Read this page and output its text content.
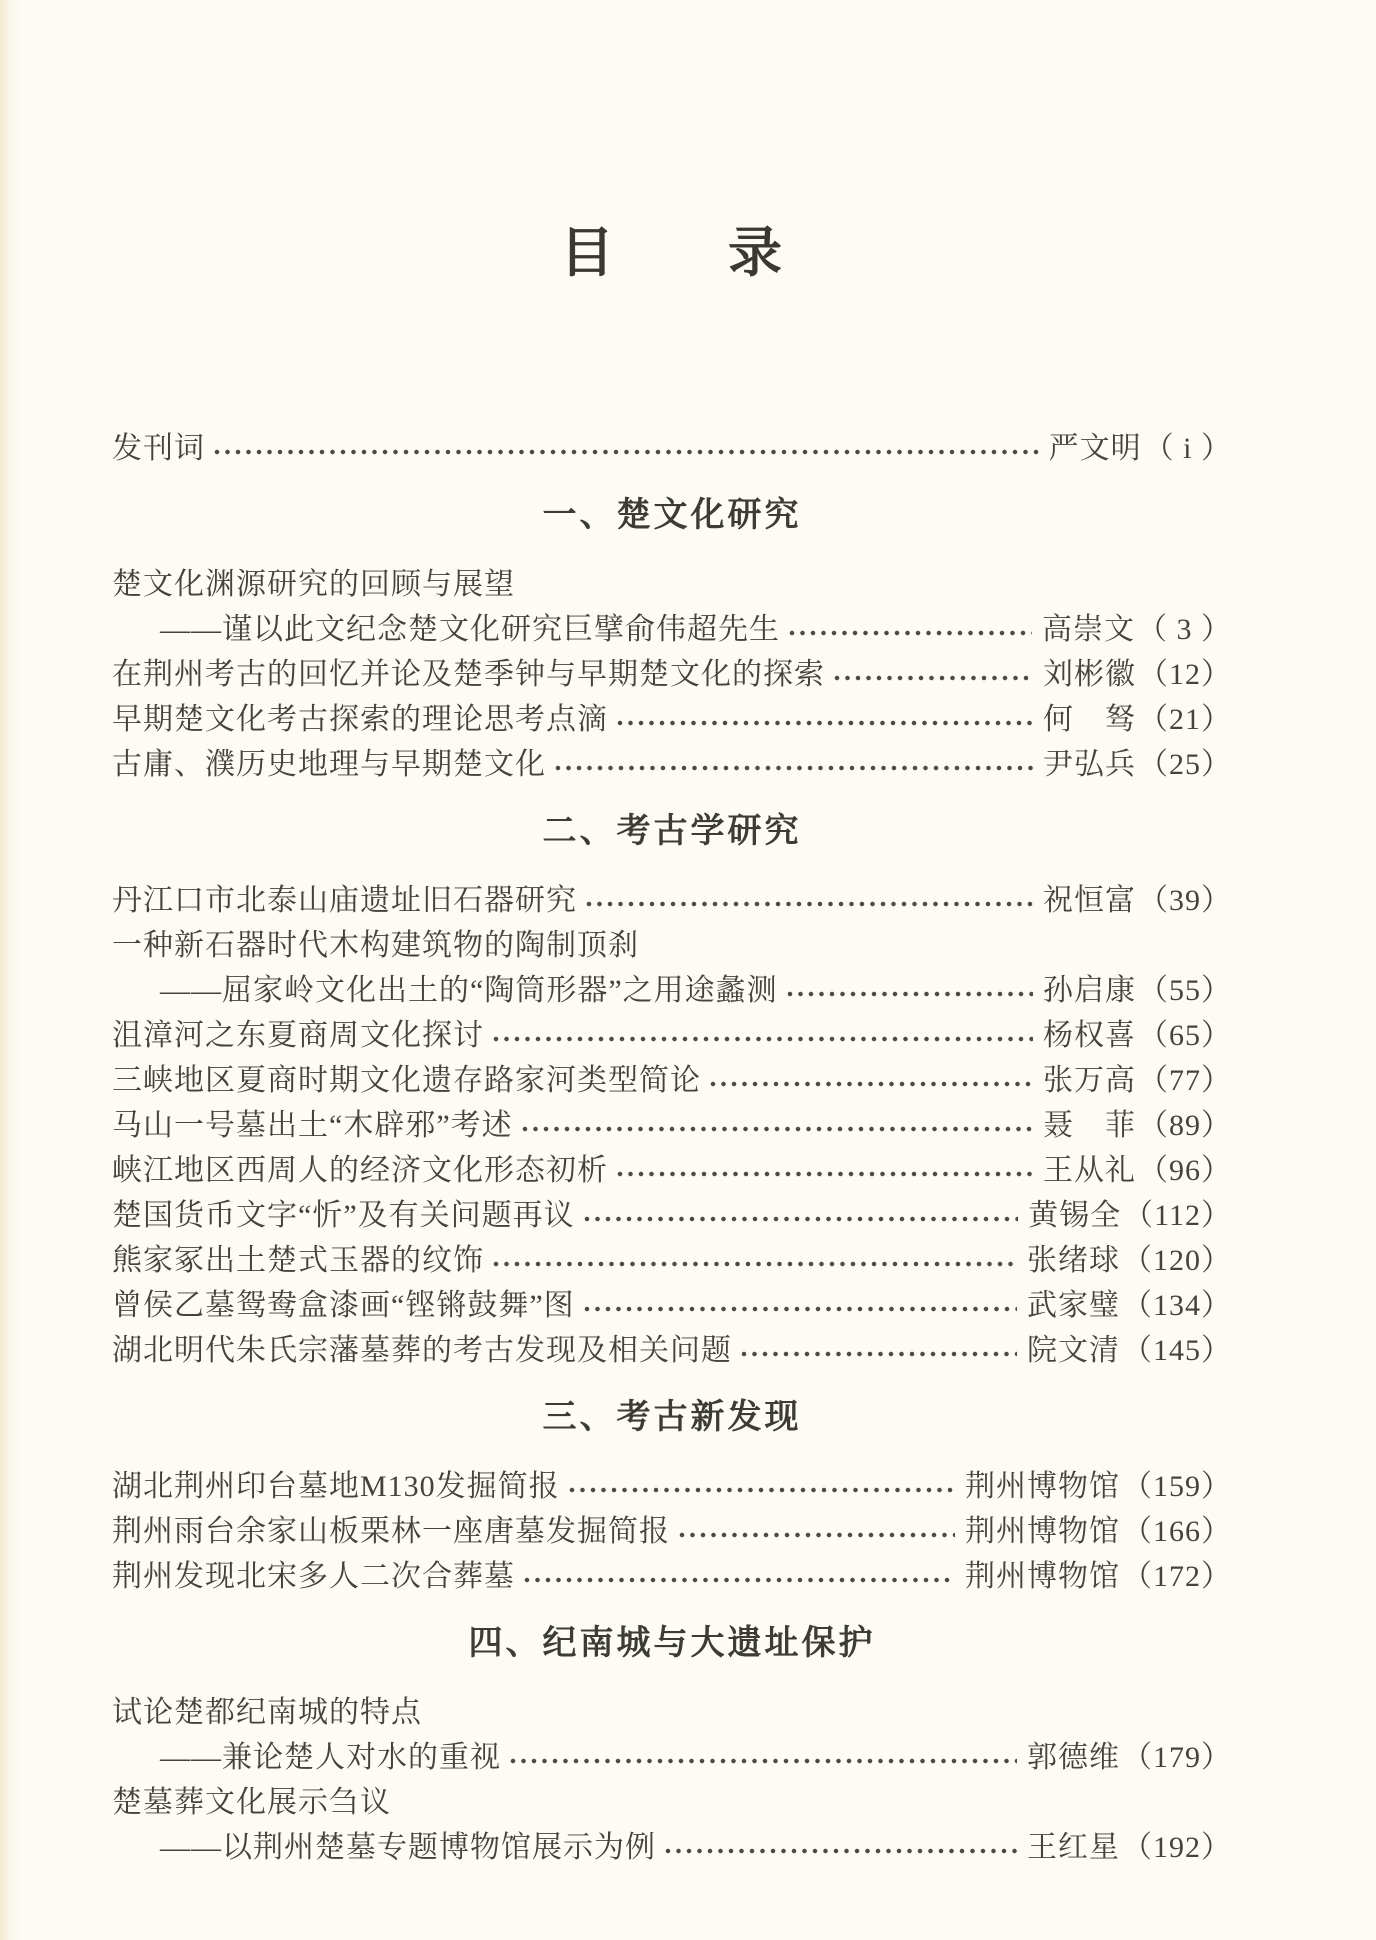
目　　录
发刊词	严文明（ i ）
一、楚文化研究
楚文化渊源研究的回顾与展望
——谨以此文纪念楚文化研究巨擘俞伟超先生	高崇文（ 3 ）
在荆州考古的回忆并论及楚季钟与早期楚文化的探索	刘彬徽（12）
早期楚文化考古探索的理论思考点滴	何　驽（21）
古庸、濮历史地理与早期楚文化	尹弘兵（25）
二、考古学研究
丹江口市北泰山庙遗址旧石器研究	祝恒富（39）
一种新石器时代木构建筑物的陶制顶刹
——屈家岭文化出土的“陶筒形器”之用途蠡测	孙启康（55）
沮漳河之东夏商周文化探讨	杨权喜（65）
三峡地区夏商时期文化遗存路家河类型简论	张万高（77）
马山一号墓出土“木辟邪”考述	聂　菲（89）
峡江地区西周人的经济文化形态初析	王从礼（96）
楚国货币文字“忻”及有关问题再议	黄锡全（112）
熊家冢出土楚式玉器的纹饰	张绪球（120）
曾侯乙墓鸳鸯盒漆画“铿锵鼓舞”图	武家璧（134）
湖北明代朱氏宗藩墓葬的考古发现及相关问题	院文清（145）
三、考古新发现
湖北荆州印台墓地M130发掘简报	荆州博物馆（159）
荆州雨台余家山板栗林一座唐墓发掘简报	荆州博物馆（166）
荆州发现北宋多人二次合葬墓	荆州博物馆（172）
四、纪南城与大遗址保护
试论楚都纪南城的特点
——兼论楚人对水的重视	郭德维（179）
楚墓葬文化展示刍议
——以荆州楚墓专题博物馆展示为例	王红星（192）
